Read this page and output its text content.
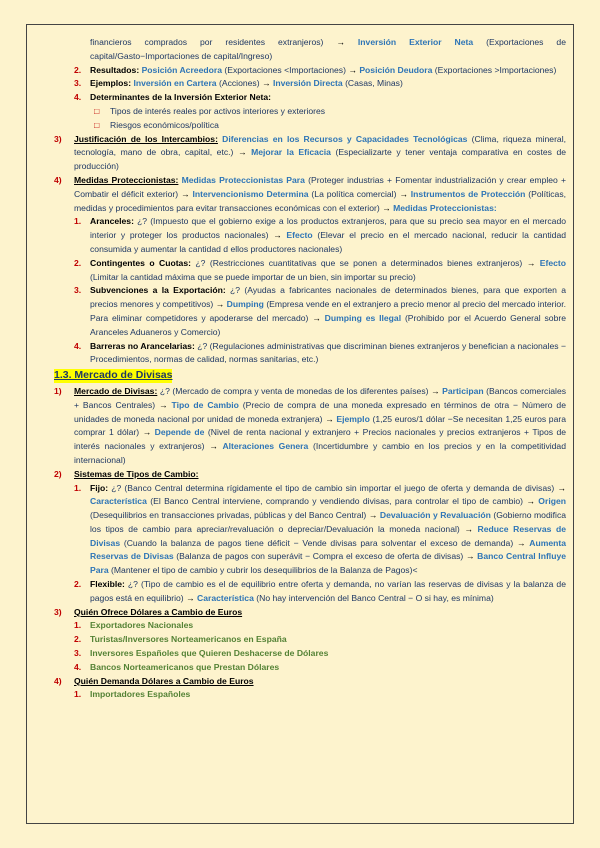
financieros comprados por residentes extranjeros) → Inversión Exterior Neta (Exportaciones de capital/Gasto−Importaciones de capital/Ingreso)
2. Resultados: Posición Acreedora (Exportaciones <Importaciones) → Posición Deudora (Exportaciones >Importaciones)
3. Ejemplos: Inversión en Cartera (Acciones) → Inversión Directa (Casas, Minas)
4. Determinantes de la Inversión Exterior Neta:
□ Tipos de interés reales por activos interiores y exteriores
□ Riesgos económicos/política
3) Justificación de los Intercambios: Diferencias en los Recursos y Capacidades Tecnológicas (Clima, riqueza mineral, tecnología, mano de obra, capital, etc.) → Mejorar la Eficacia (Especializarte y tener ventaja comparativa en costes de producción)
4) Medidas Proteccionistas: Medidas Proteccionistas Para (Proteger industrias + Fomentar industrialización y crear empleo + Combatir el déficit exterior) → Intervencionismo Determina (La política comercial) → Instrumentos de Protección (Políticas, medidas y procedimientos para evitar transacciones económicas con el exterior) → Medidas Proteccionistas:
1. Aranceles: ¿? (Impuesto que el gobierno exige a los productos extranjeros, para que su precio sea mayor en el mercado interior y proteger los productos nacionales) → Efecto (Elevar el precio en el mercado nacional, reducir la cantidad consumida y aumentar la cantidad d ellos productores nacionales)
2. Contingentes o Cuotas: ¿? (Restricciones cuantitativas que se ponen a determinados bienes extranjeros) → Efecto (Limitar la cantidad máxima que se puede importar de un bien, sin importar su precio)
3. Subvenciones a la Exportación: ¿? (Ayudas a fabricantes nacionales de determinados bienes, para que exporten a precios menores y competitivos) → Dumping (Empresa vende en el extranjero a precio menor al precio del mercado interior. Para eliminar competidores y apoderarse del mercado) → Dumping es Ilegal (Prohibido por el Acuerdo General sobre Aranceles Aduaneros y Comercio)
4. Barreras no Arancelarias: ¿? (Regulaciones administrativas que discriminan bienes extranjeros y benefician a nacionales − Procedimientos, normas de calidad, normas sanitarias, etc.)
1.3. Mercado de Divisas
1) Mercado de Divisas: ¿? (Mercado de compra y venta de monedas de los diferentes países) → Participan (Bancos comerciales + Bancos Centrales) → Tipo de Cambio (Precio de compra de una moneda expresado en términos de otra − Número de unidades de moneda nacional por unidad de moneda extranjera) → Ejemplo (1,25 euros/1 dólar −Se necesitan 1,25 euros para comprar 1 dólar) → Depende de (Nivel de renta nacional y extranjero + Precios nacionales y precios extranjeros + Tipos de interés nacionales y extranjeros) → Alteraciones Genera (Incertidumbre y cambio en los precios y en la competitividad internacional)
2) Sistemas de Tipos de Cambio:
1. Fijo: ¿? (Banco Central determina rígidamente el tipo de cambio sin importar el juego de oferta y demanda de divisas) → Característica (El Banco Central interviene, comprando y vendiendo divisas, para controlar el tipo de cambio) → Origen (Desequilibrios en transacciones privadas, públicas y del Banco Central) → Devaluación y Revaluación (Gobierno modifica los tipos de cambio para apreciar/revaluación o depreciar/Devaluación la moneda nacional) → Reduce Reservas de Divisas (Cuando la balanza de pagos tiene déficit − Vende divisas para solventar el exceso de demanda) → Aumenta Reservas de Divisas (Balanza de pagos con superávit − Compra el exceso de oferta de divisas) → Banco Central Influye Para (Mantener el tipo de cambio y cubrir los desequilibrios de la Balanza de Pagos)<
2. Flexible: ¿? (Tipo de cambio es el de equilibrio entre oferta y demanda, no varían las reservas de divisas y la balanza de pagos está en equilibrio) → Característica (No hay intervención del Banco Central − O si hay, es mínima)
3) Quién Ofrece Dólares a Cambio de Euros
1. Exportadores Nacionales
2. Turistas/Inversores Norteamericanos en España
3. Inversores Españoles que Quieren Deshacerse de Dólares
4. Bancos Norteamericanos que Prestan Dólares
4) Quién Demanda Dólares a Cambio de Euros
1. Importadores Españoles
